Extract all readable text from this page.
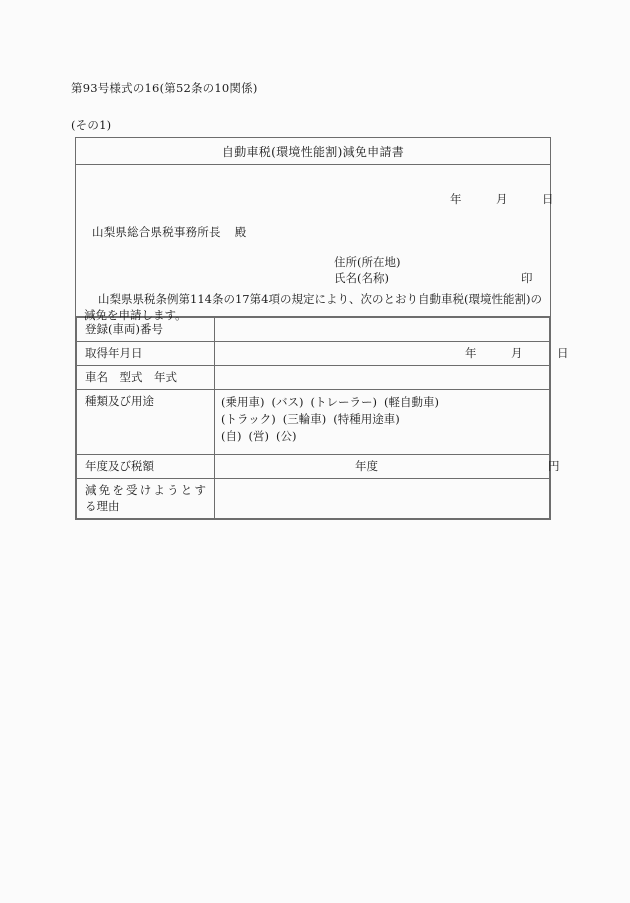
第93号様式の16(第52条の10関係)
(その1)
自動車税(環境性能割)減免申請書
年	月	日
山梨県総合県税事務所長 殿
住所(所在地)
氏名(名称)	印
山梨県県税条例第114条の17第4項の規定により、次のとおり自動車税(環境性能割)の減免を申請します。
登録(車両)番号	
取得年月日	年 月 日

車名　型式　年式	
種類及び用途	(乗用車) (バス) (トレーラー) (軽自動車)
(トラック) (三輪車) (特種用途車)
(自) (営) (公)

年度及び税額	年度 円

減免を受けようとす
る理由	
